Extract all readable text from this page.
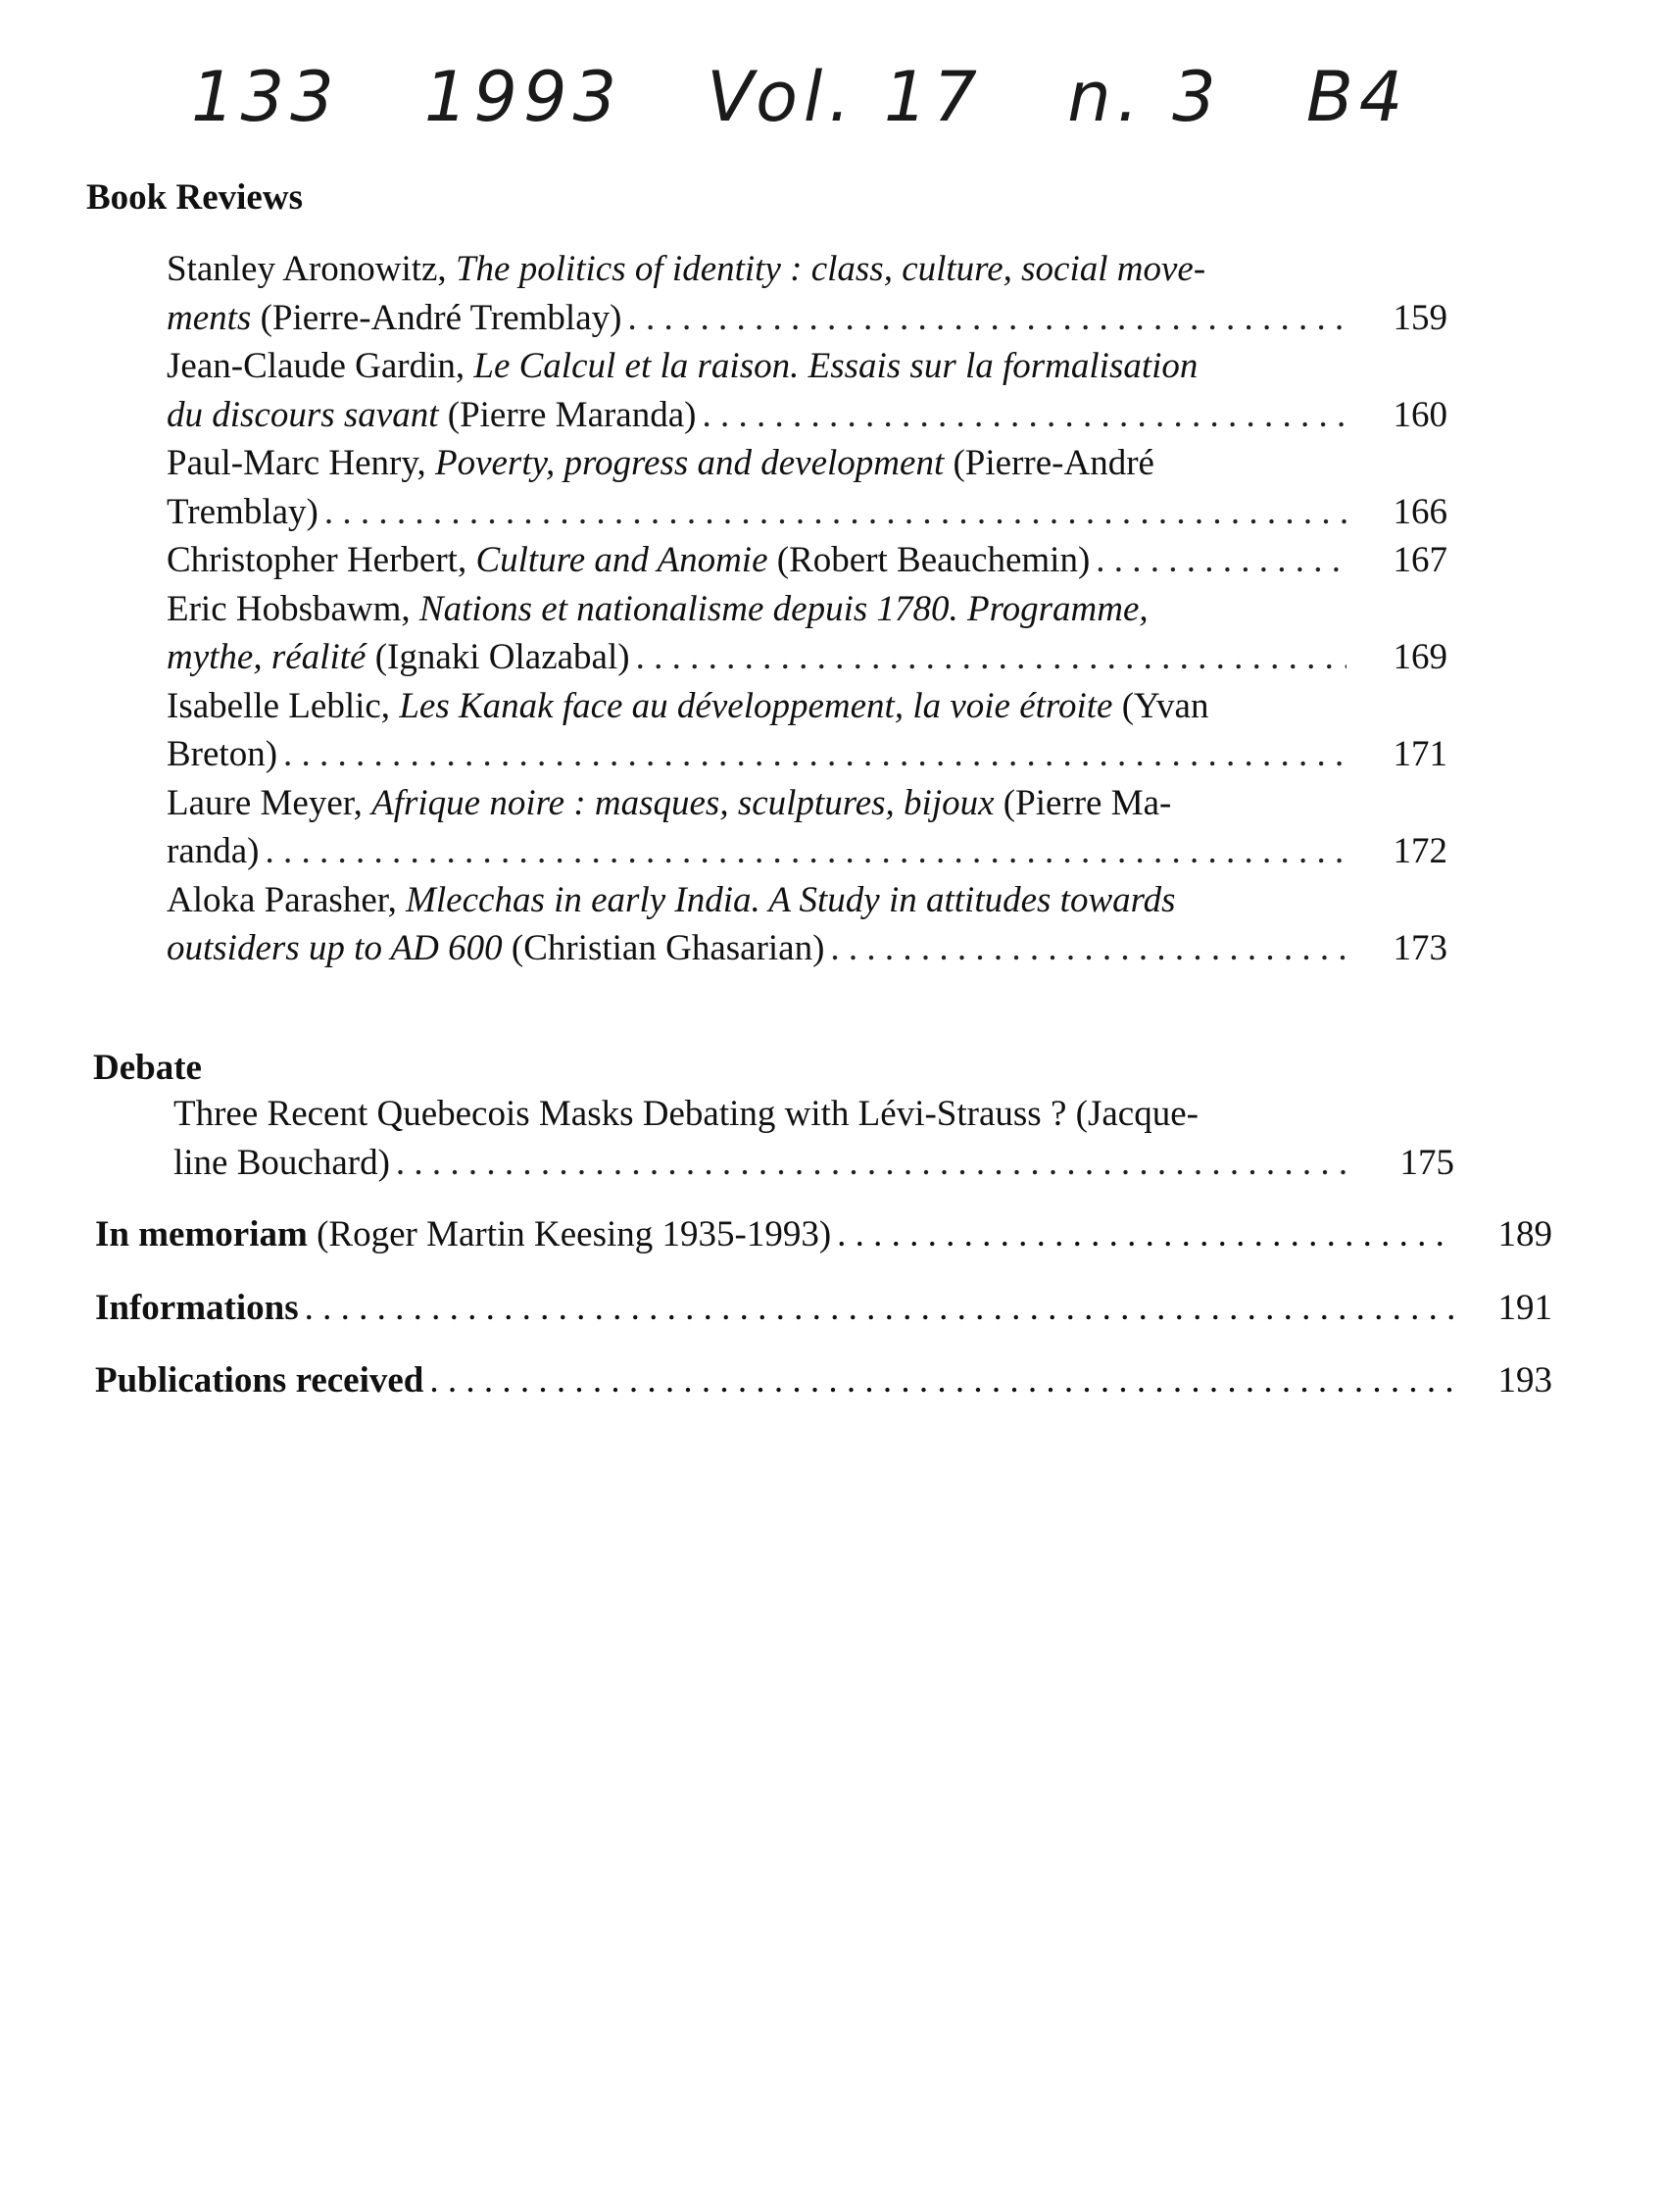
133 1993 Vol. 17 n. 3 B4
Book Reviews
Stanley Aronowitz,
The politics of identity : class, culture, social move-
ments
(Pierre-André Tremblay) . . .	159
Jean-Claude Gardin,
Le Calcul et la raison. Essais sur la formalisation
du discours savant
(Pierre Maranda) . . .	160
Paul-Marc Henry,
Poverty, progress and development
(Pierre-André
Tremblay) . . .	166
Christopher Herbert,
Culture and Anomie
(Robert Beauchemin) . . .	167
Eric Hobsbawm,
Nations et nationalisme depuis 1780. Programme,
mythe, réalité
(Ignaki Olazabal) . . .	169
Isabelle Leblic,
Les Kanak face au développement, la voie étroite
(Yvan
Breton) . . .	171
Laure Meyer,
Afrique noire : masques, sculptures, bijoux
(Pierre Ma-
randa) . . .	172
Aloka Parasher,
Mlecchas in early India. A Study in attitudes towards
outsiders up to AD 600
(Christian Ghasarian) . . .	173
Debate
Three Recent Quebecois Masks Debating with Lévi-Strauss ? (Jacque-
line Bouchard) . . .	175
In memoriam
(Roger Martin Keesing 1935-1993) . . .	189
Informations . . .	191
Publications received . . .	193
